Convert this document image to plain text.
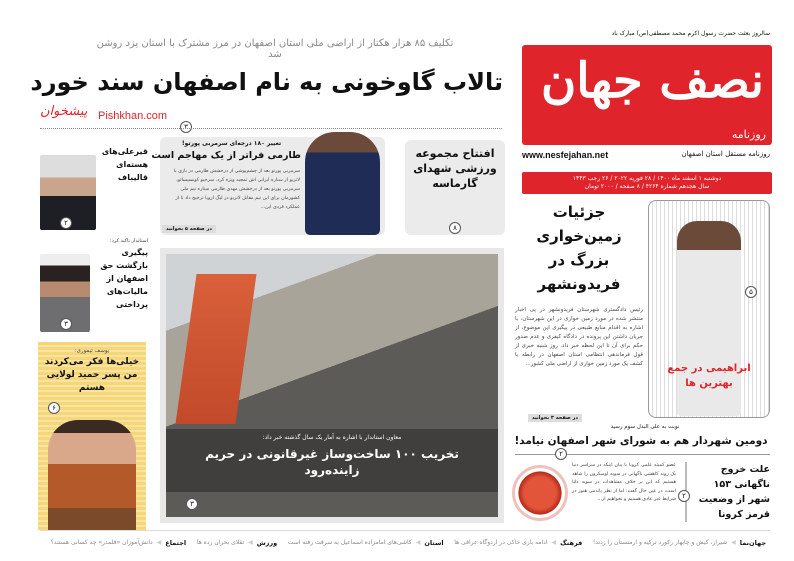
سالروز بعثت حضرت رسول اکرم محمد مصطفی(ص) مبارک باد
نصف جهان
روزنامه
www.nesfejahan.net	روزنامه مستقل استان اصفهان
دوشنبه ۱ اسفند ماه ۱۴۰۰ / ۲۸ فوریه ۲۰۲۲ / ۲۶ رجب ۱۴۴۳
سال هجدهم شماره ۴۲۶۴ / ۸ صفحه / ۲۰۰۰ تومان
تکلیف ۸۵ هزار هکتار از اراضی ملی استان اصفهان در مرز مشترک با استان یزد روشن شد
تالاب گاوخونی به نام اصفهان سند خورد
پیشخوان Pishkhan.com
۳
قیرعلی‌های هسته‌ای قالیباف
۲
استاندار تاکید کرد:
پیگیری بازگشت حق اصفهان از مالیات‌های پرداختی
۳
یوسف تیموری:
خیلی‌ها فکر می‌کردند من پسر حمید لولایی هستم
۶
تغییر ۱۸۰ درجه‌ای سرمربی پورتو!
طارمی فراتر از یک مهاجم است
سرمربی پورتو بعد از چشم‌پوشی از درخشش طارمی در بازی با لاتزیو از ستاره ایرانی اش تمجید ویژه کرد. سرجیو کونسیسائو، سرمربی پورتو بعد از درخشش مهدی طارمی ستاره تیم ملی کشورمان برای این تیم مقابل لاتزیو در لیگ اروپا ترجیح داد تا از عملکرد فردی این...
در صفحه ۵ بخوانید
افتتاح مجموعه ورزشی شهدای گارماسه
۸
معاون استاندار با اشاره به آمار یک سال گذشته خبر داد:
تخریب ۱۰۰ ساخت‌وساز غیرقانونی در حریم زاینده‌رود
۳
جزئیات زمین‌خواری بزرگ در فریدونشهر
رئیس دادگستری شهرستان فریدونشهر در پی اخبار منتشر شده در مورد زمین خواری در این شهرستان، با اشاره به اقدام منابع طبیعی در پیگیری این موضوع، از جریان داشتن این پرونده در دادگاه کیفری و عدم صدور حکم برای آن تا این لحظه خبر داد. روز شنبه خبری از قول فرماندهی انتظامی استان اصفهان در رابطه با کشف یک مورد زمین خواری از اراضی ملی کشور...
در صفحه ۳ بخوانید
۵
ابراهیمی در جمع بهترین ها
نوبت به علی البدل سوم رسید
دومین شهردار هم به شورای شهر اصفهان نیامد!
۲
علت خروج ناگهانی ۱۵۳ شهر از وضعیت قرمز کرونا
۲
عضو کمیته علمی کرونا با بیان اینکه در سراسر دنیا یک روند کاهشی ناگهانی در سویه اومیکرون را شاهد هستیم که این بر خلاف مشاهدات در سویه دلتا است، در عین حال گفت: اما از نظر پاندمی هنوز در شرایط غیر عادی هستیم و نخواهیم از...
جهان‌نما
◀
شیراز، کیش و چابهار رکورد ترکیه و ارمنستان را زدند!
فرهنگ
◀
ادامه بازی خاکی در اردوگاه عراقی ها
استان
◀
کاشی‌های امامزاده اسماعیل به سرقت رفته است
ورزش
◀
تقلای بحران زده ها
اجتماع
◀
دانش‌آموزان «قلمدر» چه کسانی هستند؟
